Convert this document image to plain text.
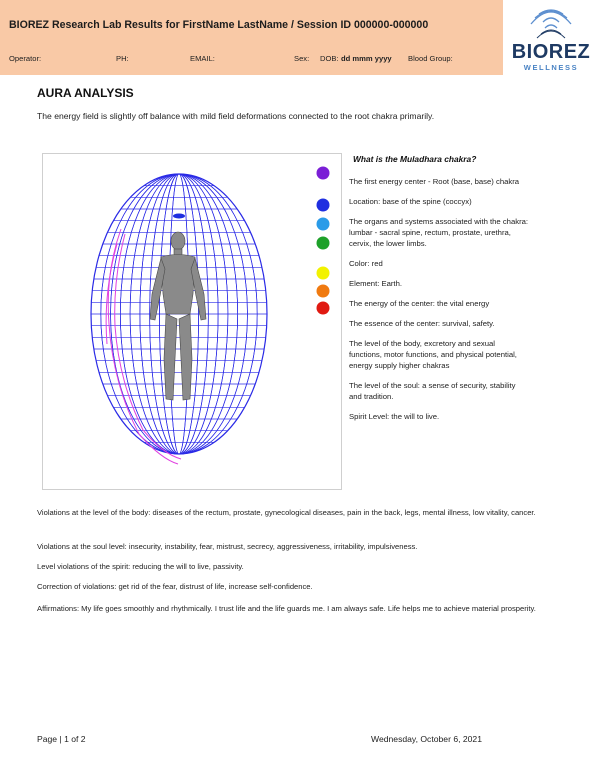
BIOREZ Research Lab Results for FirstName LastName / Session ID 000000-000000
Operator:	PH:	EMAIL:	Sex: DOB: dd mmm yyyy Blood Group:	BIOREZ
WELLNESS
AURA ANALYSIS
The energy field is slightly off balance with mild field deformations connected to the root chakra primarily.
What is the Muladhara chakra?
The first energy center - Root (base, base) chakra
Location: base of the spine (coccyx)
The organs and systems associated with the chakra: lumbar - sacral spine, rectum, prostate, urethra, cervix, the lower limbs.
Color: red
Element: Earth.
The energy of the center: the vital energy
The essence of the center: survival, safety.
The level of the body, excretory and sexual functions, motor functions, and physical potential, energy supply higher chakras
The level of the soul: a sense of security, stability and tradition.
Spirit Level: the will to live.
Violations at the level of the body: diseases of the rectum, prostate, gynecological diseases, pain in the back, legs, mental illness, low vitality, cancer.
Violations at the soul level: insecurity, instability, fear, mistrust, secrecy, aggressiveness, irritability, impulsiveness.
Level violations of the spirit: reducing the will to live, passivity.
Correction of violations: get rid of the fear, distrust of life, increase self-confidence.
Affirmations: My life goes smoothly and rhythmically. I trust life and the life guards me. I am always safe. Life helps me to achieve material prosperity.
Page | 1 of 2	Wednesday, October 6, 2021
